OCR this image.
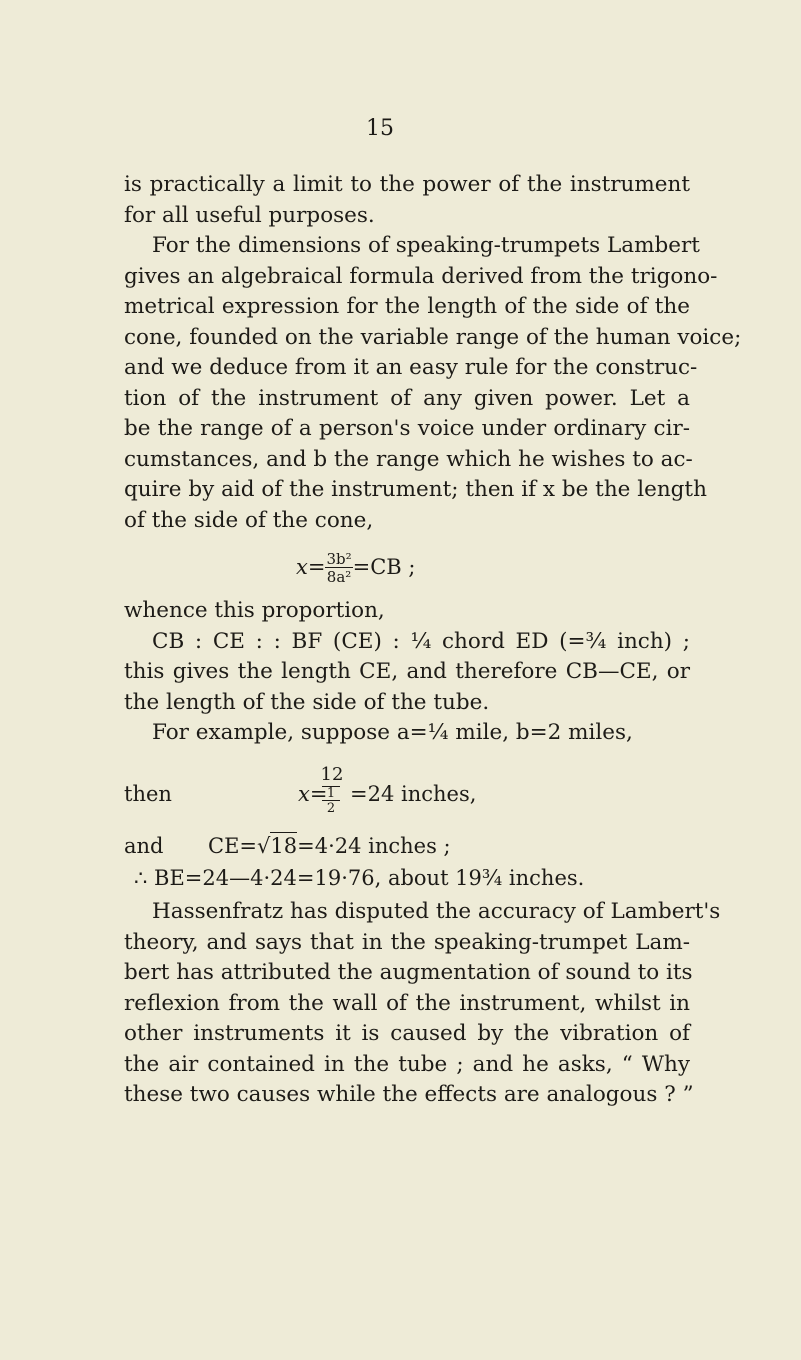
15
is practically a limit to the power of the instrument
for all useful purposes.
For the dimensions of speaking-trumpets Lambert
gives an algebraical formula derived from the trigono-
metrical expression for the length of the side of the
cone, founded on the variable range of the human voice;
and we deduce from it an easy rule for the construc-
tion of the instrument of any given power. Let a
be the range of a person's voice under ordinary cir-
cumstances, and b the range which he wishes to ac-
quire by aid of the instrument; then if x be the length
of the side of the cone,
$x= \frac{\text{3b²}}{\text{8a²}} =CB$ ;
whence this proportion,
CB : CE : : BF (CE) : ¼ chord ED (=¾ inch) ;
this gives the length CE, and therefore CB—CE, or
the length of the side of the tube.
For example, suppose a=¼ mile, b=2 miles,
then	x=
12
1
2
=24 inches,
and CE=√18=4·24 inches ;
∴ BE=24—4·24=19·76, about 19¾ inches.
Hassenfratz has disputed the accuracy of Lambert's
theory, and says that in the speaking-trumpet Lam-
bert has attributed the augmentation of sound to its
reflexion from the wall of the instrument, whilst in
other instruments it is caused by the vibration of
the air contained in the tube ; and he asks, “ Why
these two causes while the effects are analogous ? ”
